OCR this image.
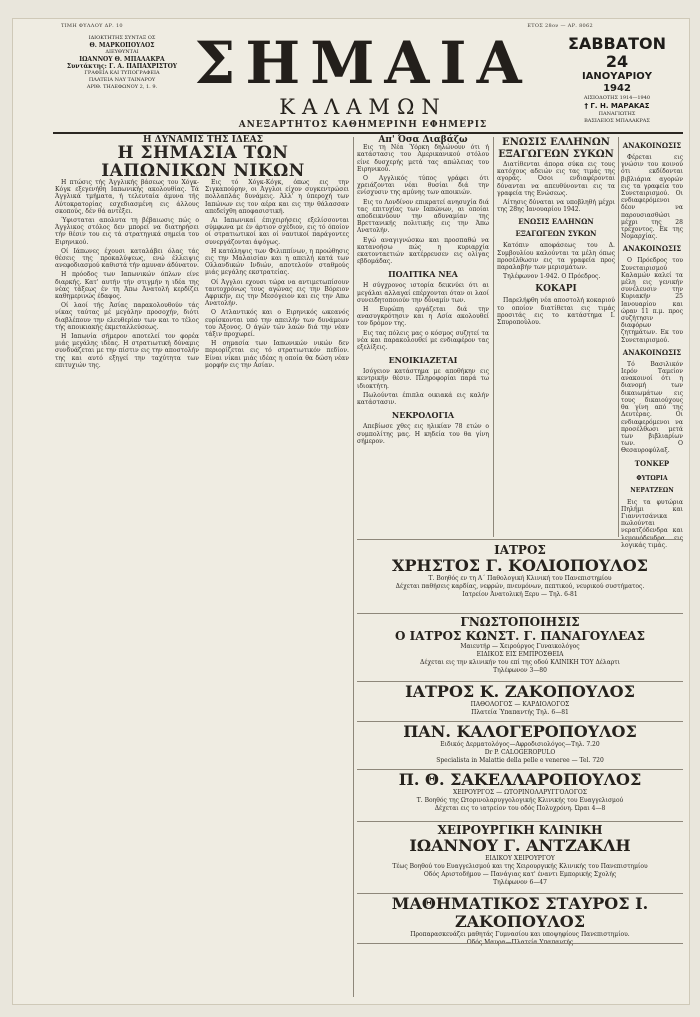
ΤΙΜΗ ΦΥΛΛΟΥ ΔΡ. 10	ΕΤΟΣ 28ον — ΑΡ. 8062
ΙΔΙΟΚΤΗΤΗΣ ΣΥΝΤΑΞ ΟΣ
Θ. ΜΑΡΚΟΠΟΥΛΟΣ
ΔΙΕΥΘΥΝΤΑΙ
ΙΩΑΝΝΟΥ Θ. ΜΠΑΛΑΚΡΑ
Συντάκτης: Γ. Α. ΠΑΠΑΧΡΙΣΤΟΥ
ΓΡΑΦΕΙΑ ΚΑΙ ΤΥΠΟΓΡΑΦΕΙΑ
ΠΛΑΤΕΙΑ ΝΑΥ ΤΑΙΝΑΡΟΥ
ΑΡΙΘ. ΤΗΛΕΦΩΝΟΥ 2, 1. 9. ΣΗΜΑΙΑ
ΚΑΛΑΜΩΝ
ΑΝΕΞΑΡΤΗΤΟΣ ΚΑΘΗΜΕΡΙΝΗ ΕΦΗΜΕΡΙΣ
ΣΑΒΒΑΤΟΝ
24
ΙΑΝΟΥΑΡΙΟΥ
1942
ΑΙΣΙΟΔΟΤΗΣ 1914—1940
† Γ. Η. ΜΑΡΑΚΑΣ
ΠΑΝΑΓΙΩΤΗΣ
ΒΑΣΙΛΕΙΟΣ ΜΠΑΛΑΚΡΑΣ
Η ΔΥΝΑΜΙΣ ΤΗΣ ΙΔΕΑΣ
Η ΣΗΜΑΣΙΑ ΤΩΝ ΙΑΠΩΝΙΚΩΝ ΝΙΚΩΝ

Η πτώσις τής Άγγλικής βάσεως του Χόγκ-Κόγκ εξεγενήθη Ιαπωνικής ακολουθίας. Τά Άγγλικά τμήματα, ή τελευταία άμυνα τής Αύτοκρατορίας εσχεδιασμένη εις άλλους σκοπούς, δέν θά αντέξει.

Ύφισταται απολυτα τη βέβαιωσις πώς ο Άγγλικος στόλος δεν μπορεί να διατηρήσει τήν θέσιν του εις τά στρατηγικά σημεία του Ειρηνικού.

Οί Ιάπωνες έχουσι καταλάβει όλας τάς θέσεις της προκαλύψεως, ενώ έλλειψις ανεφοδιασμού καθιστά τήν αμυναν άδύνατον.

Η πρόοδος των Ιαπωνικών όπλων είνε διαρκής. Κατ' αυτήν τήν στιγμήν η ιδέα της νέας τάξεως έν τη Άπω Άνατολή κερδίζει καθημερινώς έδαφος.

Οί λαοί τής Άσίας παρακολουθούν τάς νίκας ταύτας μέ μεγάλην προσοχήν, διότι διαβλέπουν την ελευθερίαν των και το τέλος τής αποικιακής έκμεταλλεύσεως.

Η Ιαπωνία σήμερον αποτελεί τον φορέα μιάς μεγάλης ιδέας. Η στρατιωτική δύναμις συνδυάζεται με την πίστιν εις την αποστολήν της και αυτό εξηγεί την ταχύτητα των επιτυχιών της.

Εις τό Χόγκ-Κόγκ, όπως εις την Σιγκαπούρην, οι Άγγλοι είχον συγκεντρώσει πολλαπλάς δυνάμεις. Άλλ' η ύπεροχή των Ιαπώνων εις τον αέρα και εις την θάλασσαν απεδείχθη αποφασιστική.

Αι Ιαπωνικαί έπιχειρήσεις εξελίσσονται σύμφωνα με έν άρτιον σχέδιον, εις τό όποίον οί στρατιωτικοί και οί ναυτικοί παράγοντες συνεργάζονται άψόγως.

Η κατάληψις των Φιλιππίνων, η προώθησις εις την Μαλαισίαν και η απειλή κατά των Ολλανδικών Ινδιών, αποτελούν σταθμούς μιάς μεγάλης εκστρατείας.

Οί Άγγλοι εχουσι τώρα να αντιμετωπίσουν ταυτοχρόνως τους αγώνας εις την Βόρειον Αφρικήν, εις την Μεσόγειον και εις την Απω Ανατολήν.

Ο Ατλαντικός και ο Ειρηνικός ωκεανός ευρίσκονται υπό την απειλήν των δυνάμεων του Άξονος. Ο άγών τών λαών διά την νέαν τάξιν προχωρεί.

Η σημασία των Ιαπωνικών νικών δεν περιορίζεται εις τό στρατιωτικόν πεδίον. Είναι νίκαι μιάς ιδέας η οποία θα δώση νέαν μορφήν εις την Ασίαν.

Απ' Όσα Διαβάζω

Εις τη Νέα Ύόρκη δηλώνουν ότι ή κατάστασις του Αμερικανικού στόλου είνε δυσχερής μετά τας απώλειας του Ειρηνικού.

Ο Αγγλικός τύπος γράφει ότι χρειάζονται νέαι θυσίαι διά την ενίσχυσιν της αμύνης των αποικιών.

Εις το Λονδίνον επικρατεί ανησυχία διά τας επιτυχίας των Ιαπώνων, αι οποίαι αποδεικνύουν την αδυναμίαν της Βρεττανικής πολιτικής εις την Άπω Ανατολήν.

Εγώ αναγιγνώσκω και προσπαθώ να κατανοήσω πώς η κυριαρχία εκατονταετιών κατέρρευσεν εις ολίγας εβδομάδας.

ΠΟΛΙΤΙΚΑ ΝΕΑ

Η σύγχρονος ιστορία δεικνύει ότι αι μεγάλαι αλλαγαί επέρχονται όταν οι λαοί συνειδητοποιούν την δύναμίν των.

Η Ευρώπη εργάζεται διά την ανασυγκρότησιν και η Ασία ακολουθεί τον δρόμον της.

Εις τας πόλεις μας ο κόσμος συζητεί τα νέα και παρακολουθεί με ενδιαφέρον τας εξελίξεις.

ΕΝΟΙΚΙΑΖΕΤΑΙ

Ισόγειον κατάστημα με αποθήκην εις κεντρικήν θέσιν. Πληροφορίαι παρά τω ιδιοκτήτη.

Πωλούνται έπιπλα οικιακά εις καλήν κατάστασιν.

ΝΕΚΡΟΛΟΓΙΑ

Απεβίωσε χθες εις ηλικίαν 78 ετών ο συμπολίτης μας. Η κηδεία του θα γίνη σήμερον.

ΕΝΩΣΙΣ ΕΛΛΗΝΩΝ ΕΞΑΓΩΓΕΩΝ ΣΥΚΩΝ

Διατίθενται άπορα σύκα εις τους κατόχους αδειών εις τας τιμάς της αγοράς. Όσοι ενδιαφέρονται δύνανται να απευθύνονται εις τα γραφεία της Ενώσεως.

Αίτησις δύναται να υποβληθή μέχρι της 28ης Ιανουαρίου 1942.

ΕΝΩΣΙΣ ΕΛΛΗΝΩΝ ΕΞΑΓΩΓΕΩΝ ΣΥΚΩΝ

Κατόπιν αποφάσεως του Δ. Συμβουλίου καλούνται τα μέλη όπως προσέλθωσιν εις τα γραφεία προς παραλαβήν των μερισμάτων.

Τηλέφωνον 1-942. Ο Πρόεδρος.

ΚΟΚΑΡΙ

Παρελήφθη νέα αποστολή κοκαριού το οποίον διατίθεται εις τιμάς προσιτάς εις το κατάστημα Ι. Σπυροπούλου.

ΑΝΑΚΟΙΝΩΣΙΣ

Φέρεται εις γνώσιν του κοινού ότι εκδίδονται βιβλιάρια αγορών εις τα γραφεία του Συνεταιρισμού. Οι ενδιαφερόμενοι δέον να παρουσιασθώσι μέχρι της 28 τρέχοντος. Εκ της Νομαρχίας.

ΑΝΑΚΟΙΝΩΣΙΣ

Ο Πρόεδρος του Συνεταιρισμού Καλαμών καλεί τα μέλη εις γενικήν συνέλευσιν την Κυριακήν 25 Ιανουαρίου και ώραν 11 π.μ. προς συζήτησιν διαφόρων ζητημάτων. Εκ του Συνεταιρισμού.

ΑΝΑΚΟΙΝΩΣΙΣ

Τό Βασιλικόν Ιερόν Ταμείον ανακοινοί ότι η διανομή των δικαιωμάτων εις τους δικαιούχους θα γίνη από της Δευτέρας. Οι ενδιαφερόμενοι να προσέλθωσι μετά των βιβλιαρίων των. Ο Θεσαυροφύλαξ.

ΤΟΝΚΕΡ
ΦΥΤΩΡΙΑ ΝΕΡΑΤΖΕΩΝ

Εις τα φυτώρια Πηλήμι και Γιαννιτσάνικα πωλούνται νερατζόδενδρα και λογικάς τιμάς.

ΙΑΤΡΟΣ
ΧΡΗΣΤΟΣ Γ. ΚΟΛΙΟΠΟΥΛΟΣ
Τ. Βοηθός εν τη Α΄ Παθολογική Κλινική του Πανεπιστημίου
Δέχεται παθήσεις καρδίας, νεφρών, πνευμόνων, πεπτικού, νευρικού συστήματος.
Ιατρείον Άνατολική Ξερυ — Τηλ. 6-81
ΓΝΩΣΤΟΠΟΙΗΣΙΣ
Ο ΙΑΤΡΟΣ ΚΩΝΣΤ. Γ. ΠΑΝΑΓΟΥΛΕΑΣ
Μαιευτήρ — Χειρούργος Γυναικολόγος
ΕΙΔΙΚΟΣ ΕΙΣ ΕΜΠΡΟΣΘΕΙΑ
Δέχεται εις την κλινικήν του επί της οδού ΚΛΙΝΙΚΗ ΤΟΥ Δέλαρτι
Τηλέφωνον 3—80
ΙΑΤΡΟΣ Κ. ΖΑΚΟΠΟΥΛΟΣ
ΠΑΘΟΛΟΓΟΣ — ΚΑΡΔΙΟΛΟΓΟΣ
Πλατεία Ύπαπαντής Τηλ. 6—81
ΠΑΝ. ΚΑΛΟΓΕΡΟΠΟΥΛΟΣ
Ειδικός Δερματολόγος—Αφροδισιολόγος—Τηλ. 7.20
Dr P. CALOGEROPULO
Specialista in Malattie della pelle e venereе — Tel. 720
Π. Θ. ΣΑΚΕΛΛΑΡΟΠΟΥΛΟΣ
ΧΕΙΡΟΥΡΓΟΣ — ΩΤΟΡΙΝΟΛΑΡΥΓΓΟΛΟΓΟΣ
Τ. Βοηθός της Ωτορινολαρυγγολογικής Κλινικής του Ευαγγελισμού
Δέχεται εις το ιατρείον του οδός Πολυχρόνη. Ώραι 4—8
ΧΕΙΡΟΥΡΓΙΚΗ ΚΛΙΝΙΚΗ
ΙΩΑΝΝΟΥ Γ. ΑΝΤΖΑΚΛΗ
ΕΙΔΙΚΟΥ ΧΕΙΡΟΥΡΓΟΥ
Τέως Βοηθού του Ευαγγελισμού και της Χειρουργικής Κλινικής του Πανεπιστημίου
Οδός Αριστοδήμου — Πανάγιας κατ' έναντι Εμπορικής Σχολής
Τηλέφωνον 6—47
ΜΑΘΗΜΑΤΙΚΟΣ ΣΤΑΥΡΟΣ Ι. ΖΑΚΟΠΟΥΛΟΣ
Προπαρασκευάζει μαθητάς Γυμνασίου και υποψηφίους Πανεπιστημίου.
